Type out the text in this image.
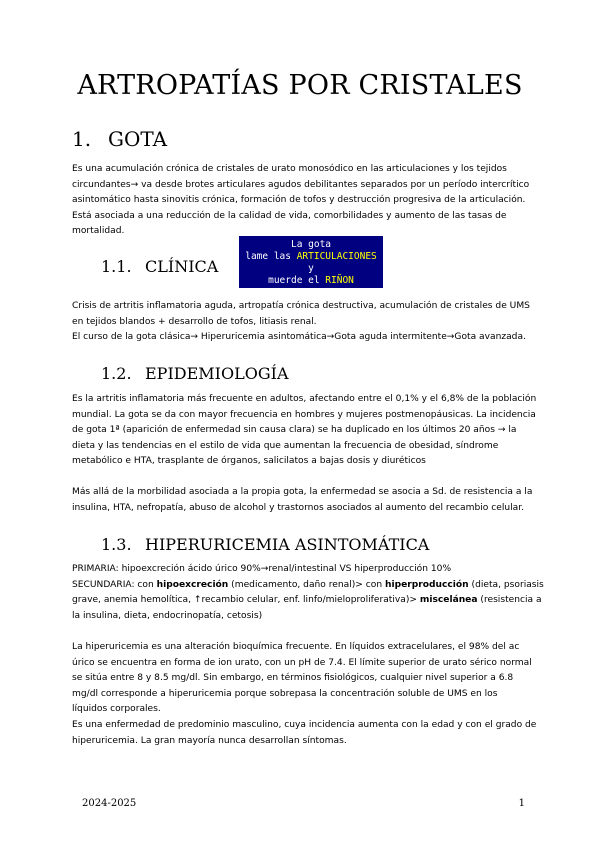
ARTROPATÍAS POR CRISTALES
1. GOTA
Es una acumulación crónica de cristales de urato monosódico en las articulaciones y los tejidos
circundantes→ va desde brotes articulares agudos debilitantes separados por un período intercrítico
asintomático hasta sinovitis crónica, formación de tofos y destrucción progresiva de la articulación.
Está asociada a una reducción de la calidad de vida, comorbilidades y aumento de las tasas de
mortalidad.
1.1. CLÍNICA
La gota
lame las ARTICULACIONES
y
muerde el RIÑON
Crisis de artritis inflamatoria aguda, artropatía crónica destructiva, acumulación de cristales de UMS
en tejidos blandos + desarrollo de tofos, litiasis renal.
El curso de la gota clásica→ Hiperuricemia asintomática→Gota aguda intermitente→Gota avanzada.
1.2. EPIDEMIOLOGÍA
Es la artritis inflamatoria más frecuente en adultos, afectando entre el 0,1% y el 6,8% de la población
mundial. La gota se da con mayor frecuencia en hombres y mujeres postmenopáusicas. La incidencia
de gota 1ª (aparición de enfermedad sin causa clara) se ha duplicado en los últimos 20 años → la
dieta y las tendencias en el estilo de vida que aumentan la frecuencia de obesidad, síndrome
metabólico e HTA, trasplante de órganos, salicilatos a bajas dosis y diuréticos
Más allá de la morbilidad asociada a la propia gota, la enfermedad se asocia a Sd. de resistencia a la
insulina, HTA, nefropatía, abuso de alcohol y trastornos asociados al aumento del recambio celular.
1.3. HIPERURICEMIA ASINTOMÁTICA
PRIMARIA: hipoexcreción ácido úrico 90%→renal/intestinal VS hiperproducción 10%
SECUNDARIA: con hipoexcreción (medicamento, daño renal)> con hiperproducción (dieta, psoriasis
grave, anemia hemolítica, ↑recambio celular, enf. linfo/mieloproliferativa)> miscelánea (resistencia a
la insulina, dieta, endocrinopatía, cetosis)
La hiperuricemia es una alteración bioquímica frecuente. En líquidos extracelulares, el 98% del ac
úrico se encuentra en forma de ion urato, con un pH de 7.4. El límite superior de urato sérico normal
se sitúa entre 8 y 8.5 mg/dl. Sin embargo, en términos fisiológicos, cualquier nivel superior a 6.8
mg/dl corresponde a hiperuricemia porque sobrepasa la concentración soluble de UMS en los
líquidos corporales.
Es una enfermedad de predominio masculino, cuya incidencia aumenta con la edad y con el grado de
hiperuricemia. La gran mayoría nunca desarrollan síntomas.
2024-2025	1
